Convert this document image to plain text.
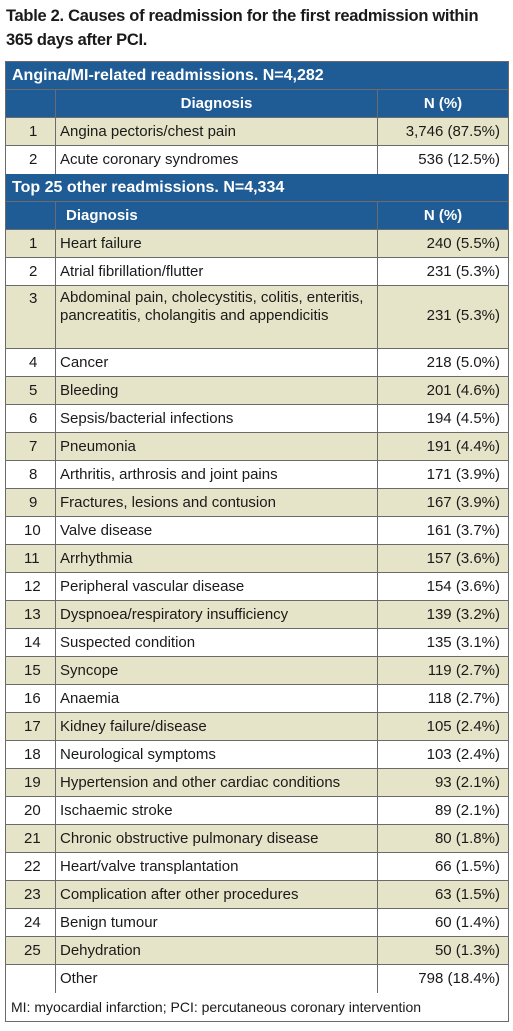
Table 2. Causes of readmission for the first readmission within 365 days after PCI.
Angina/MI-related readmissions. N=4,282
Diagnosis	N (%)
1	Angina pectoris/chest pain	3,746 (87.5%)
2	Acute coronary syndromes	536 (12.5%)
Top 25 other readmissions. N=4,334
Diagnosis	N (%)
1	Heart failure	240 (5.5%)
2	Atrial fibrillation/flutter	231 (5.3%)
3	Abdominal pain, cholecystitis, colitis, enteritis, pancreatitis, cholangitis and appendicitis	231 (5.3%)
4	Cancer	218 (5.0%)
5	Bleeding	201 (4.6%)
6	Sepsis/bacterial infections	194 (4.5%)
7	Pneumonia	191 (4.4%)
8	Arthritis, arthrosis and joint pains	171 (3.9%)
9	Fractures, lesions and contusion	167 (3.9%)
10	Valve disease	161 (3.7%)
11	Arrhythmia	157 (3.6%)
12	Peripheral vascular disease	154 (3.6%)
13	Dyspnoea/respiratory insufficiency	139 (3.2%)
14	Suspected condition	135 (3.1%)
15	Syncope	119 (2.7%)
16	Anaemia	118 (2.7%)
17	Kidney failure/disease	105 (2.4%)
18	Neurological symptoms	103 (2.4%)
19	Hypertension and other cardiac conditions	93 (2.1%)
20	Ischaemic stroke	89 (2.1%)
21	Chronic obstructive pulmonary disease	80 (1.8%)
22	Heart/valve transplantation	66 (1.5%)
23	Complication after other procedures	63 (1.5%)
24	Benign tumour	60 (1.4%)
25	Dehydration	50 (1.3%)
Other	798 (18.4%)
MI: myocardial infarction; PCI: percutaneous coronary intervention
